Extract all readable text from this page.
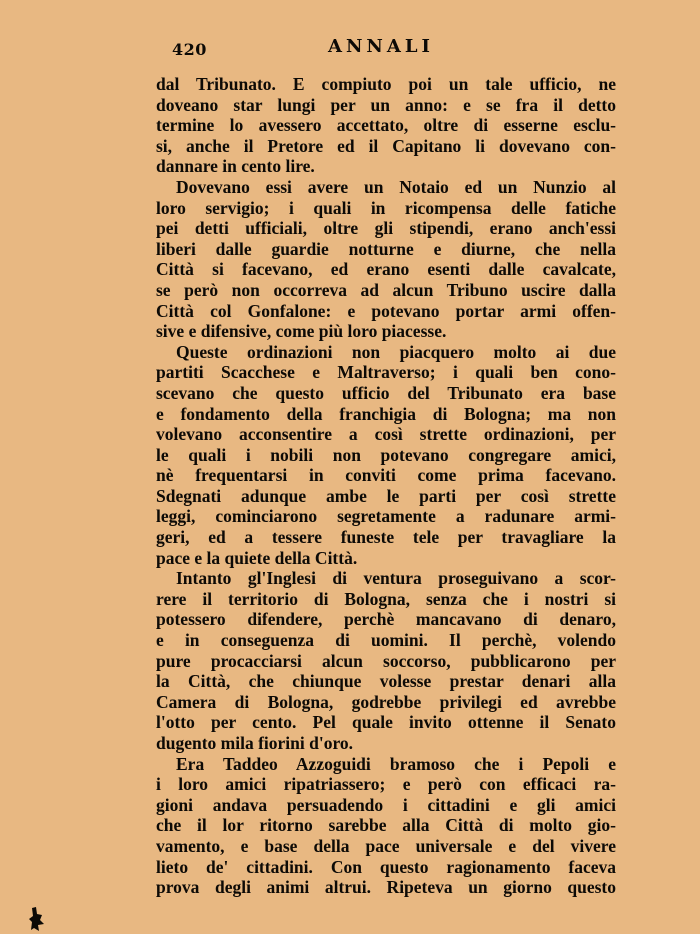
420	ANNALI
dal Tribunato. E compiuto poi un tale ufficio, ne
doveano star lungi per un anno: e se fra il detto
termine lo avessero accettato, oltre di esserne esclu-
si, anche il Pretore ed il Capitano li dovevano con-
dannare in cento lire.
Dovevano essi avere un Notaio ed un Nunzio al
loro servigio; i quali in ricompensa delle fatiche
pei detti ufficiali, oltre gli stipendi, erano anch'essi
liberi dalle guardie notturne e diurne, che nella
Città si facevano, ed erano esenti dalle cavalcate,
se però non occorreva ad alcun Tribuno uscire dalla
Città col Gonfalone: e potevano portar armi offen-
sive e difensive, come più loro piacesse.
Queste ordinazioni non piacquero molto ai due
partiti Scacchese e Maltraverso; i quali ben cono-
scevano che questo ufficio del Tribunato era base
e fondamento della franchigia di Bologna; ma non
volevano acconsentire a così strette ordinazioni, per
le quali i nobili non potevano congregare amici,
nè frequentarsi in conviti come prima facevano.
Sdegnati adunque ambe le parti per così strette
leggi, cominciarono segretamente a radunare armi-
geri, ed a tessere funeste tele per travagliare la
pace e la quiete della Città.
Intanto gl'Inglesi di ventura proseguivano a scor-
rere il territorio di Bologna, senza che i nostri si
potessero difendere, perchè mancavano di denaro,
e in conseguenza di uomini. Il perchè, volendo
pure procacciarsi alcun soccorso, pubblicarono per
la Città, che chiunque volesse prestar denari alla
Camera di Bologna, godrebbe privilegi ed avrebbe
l'otto per cento. Pel quale invito ottenne il Senato
dugento mila fiorini d'oro.
Era Taddeo Azzoguidi bramoso che i Pepoli e
i loro amici ripatriassero; e però con efficaci ra-
gioni andava persuadendo i cittadini e gli amici
che il lor ritorno sarebbe alla Città di molto gio-
vamento, e base della pace universale e del vivere
lieto de' cittadini. Con questo ragionamento faceva
prova degli animi altrui. Ripeteva un giorno questo
